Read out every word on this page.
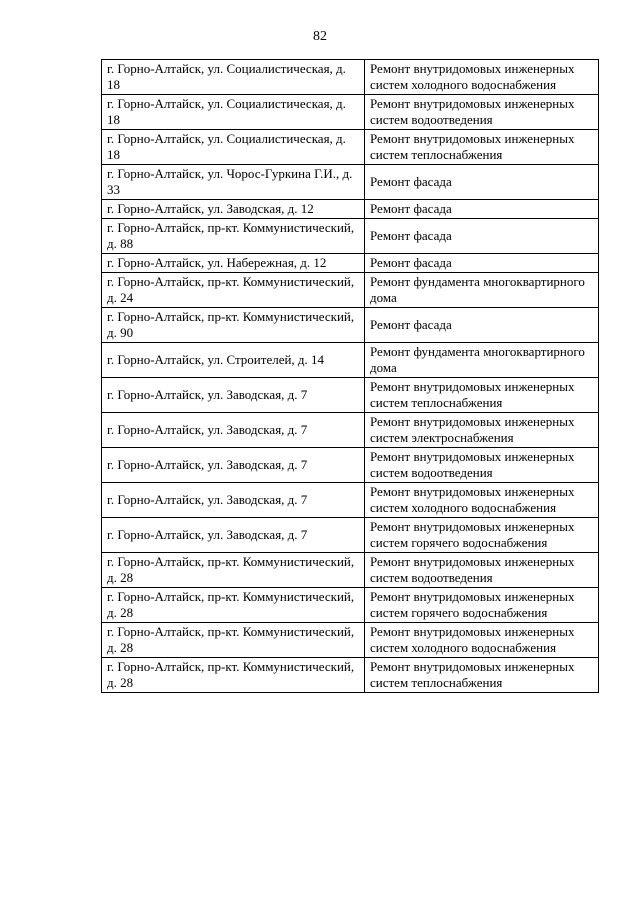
82
г. Горно-Алтайск, ул. Социалистическая, д. 18	Ремонт внутридомовых инженерных систем холодного водоснабжения
г. Горно-Алтайск, ул. Социалистическая, д. 18	Ремонт внутридомовых инженерных систем водоотведения
г. Горно-Алтайск, ул. Социалистическая, д. 18	Ремонт внутридомовых инженерных систем теплоснабжения
г. Горно-Алтайск, ул. Чорос-Гуркина Г.И., д. 33	Ремонт фасада
г. Горно-Алтайск, ул. Заводская, д. 12	Ремонт фасада
г. Горно-Алтайск, пр-кт. Коммунистический, д. 88	Ремонт фасада
г. Горно-Алтайск, ул. Набережная, д. 12	Ремонт фасада
г. Горно-Алтайск, пр-кт. Коммунистический, д. 24	Ремонт фундамента многоквартирного дома
г. Горно-Алтайск, пр-кт. Коммунистический, д. 90	Ремонт фасада
г. Горно-Алтайск, ул. Строителей, д. 14	Ремонт фундамента многоквартирного дома
г. Горно-Алтайск, ул. Заводская, д. 7	Ремонт внутридомовых инженерных систем теплоснабжения
г. Горно-Алтайск, ул. Заводская, д. 7	Ремонт внутридомовых инженерных систем электроснабжения
г. Горно-Алтайск, ул. Заводская, д. 7	Ремонт внутридомовых инженерных систем водоотведения
г. Горно-Алтайск, ул. Заводская, д. 7	Ремонт внутридомовых инженерных систем холодного водоснабжения
г. Горно-Алтайск, ул. Заводская, д. 7	Ремонт внутридомовых инженерных систем горячего водоснабжения
г. Горно-Алтайск, пр-кт. Коммунистический, д. 28	Ремонт внутридомовых инженерных систем водоотведения
г. Горно-Алтайск, пр-кт. Коммунистический, д. 28	Ремонт внутридомовых инженерных систем горячего водоснабжения
г. Горно-Алтайск, пр-кт. Коммунистический, д. 28	Ремонт внутридомовых инженерных систем холодного водоснабжения
г. Горно-Алтайск, пр-кт. Коммунистический, д. 28	Ремонт внутридомовых инженерных систем теплоснабжения
